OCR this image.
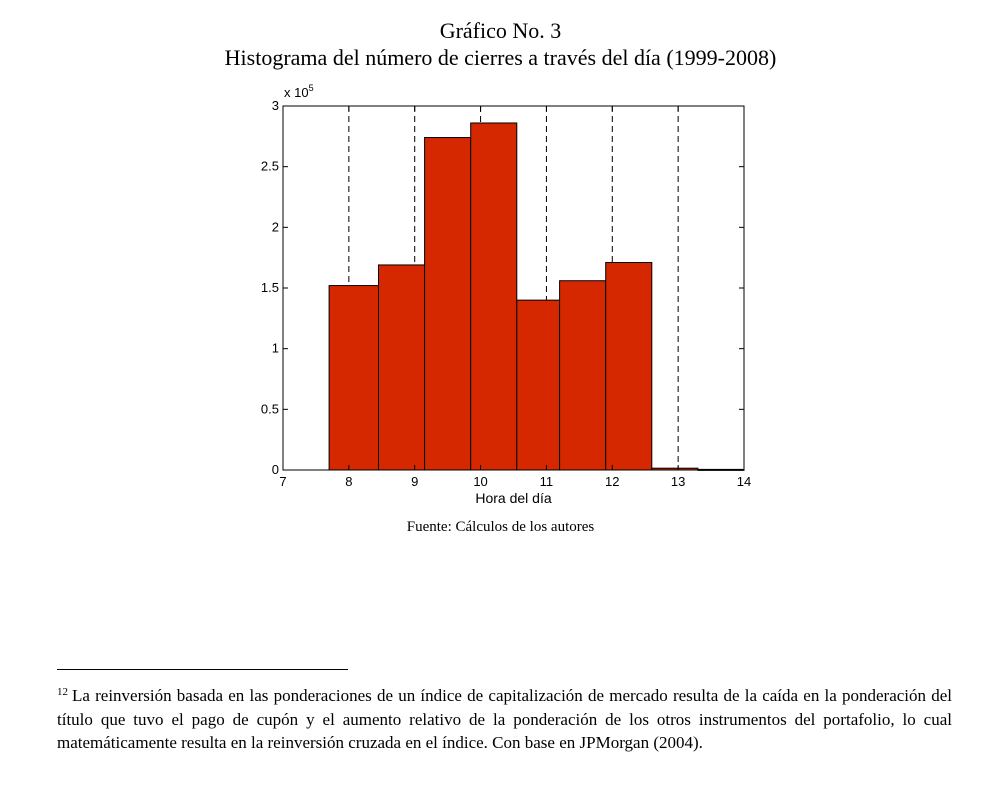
Gráfico No. 3
Histograma del número de cierres a través del día (1999-2008)
7	8	9	10	11	12	13	14
0
0.5
1
1.5
2
2.5
3
x $10^5$
Hora del día
Fuente: Cálculos de los autores
$^{12}$ La reinversión basada en las ponderaciones de un índice de capitalización de mercado resulta de la caída en la ponderación del título que tuvo el pago de cupón y el aumento relativo de la ponderación de los otros instrumentos del portafolio, lo cual matemáticamente resulta en la reinversión cruzada en el índice. Con base en JPMorgan (2004).
